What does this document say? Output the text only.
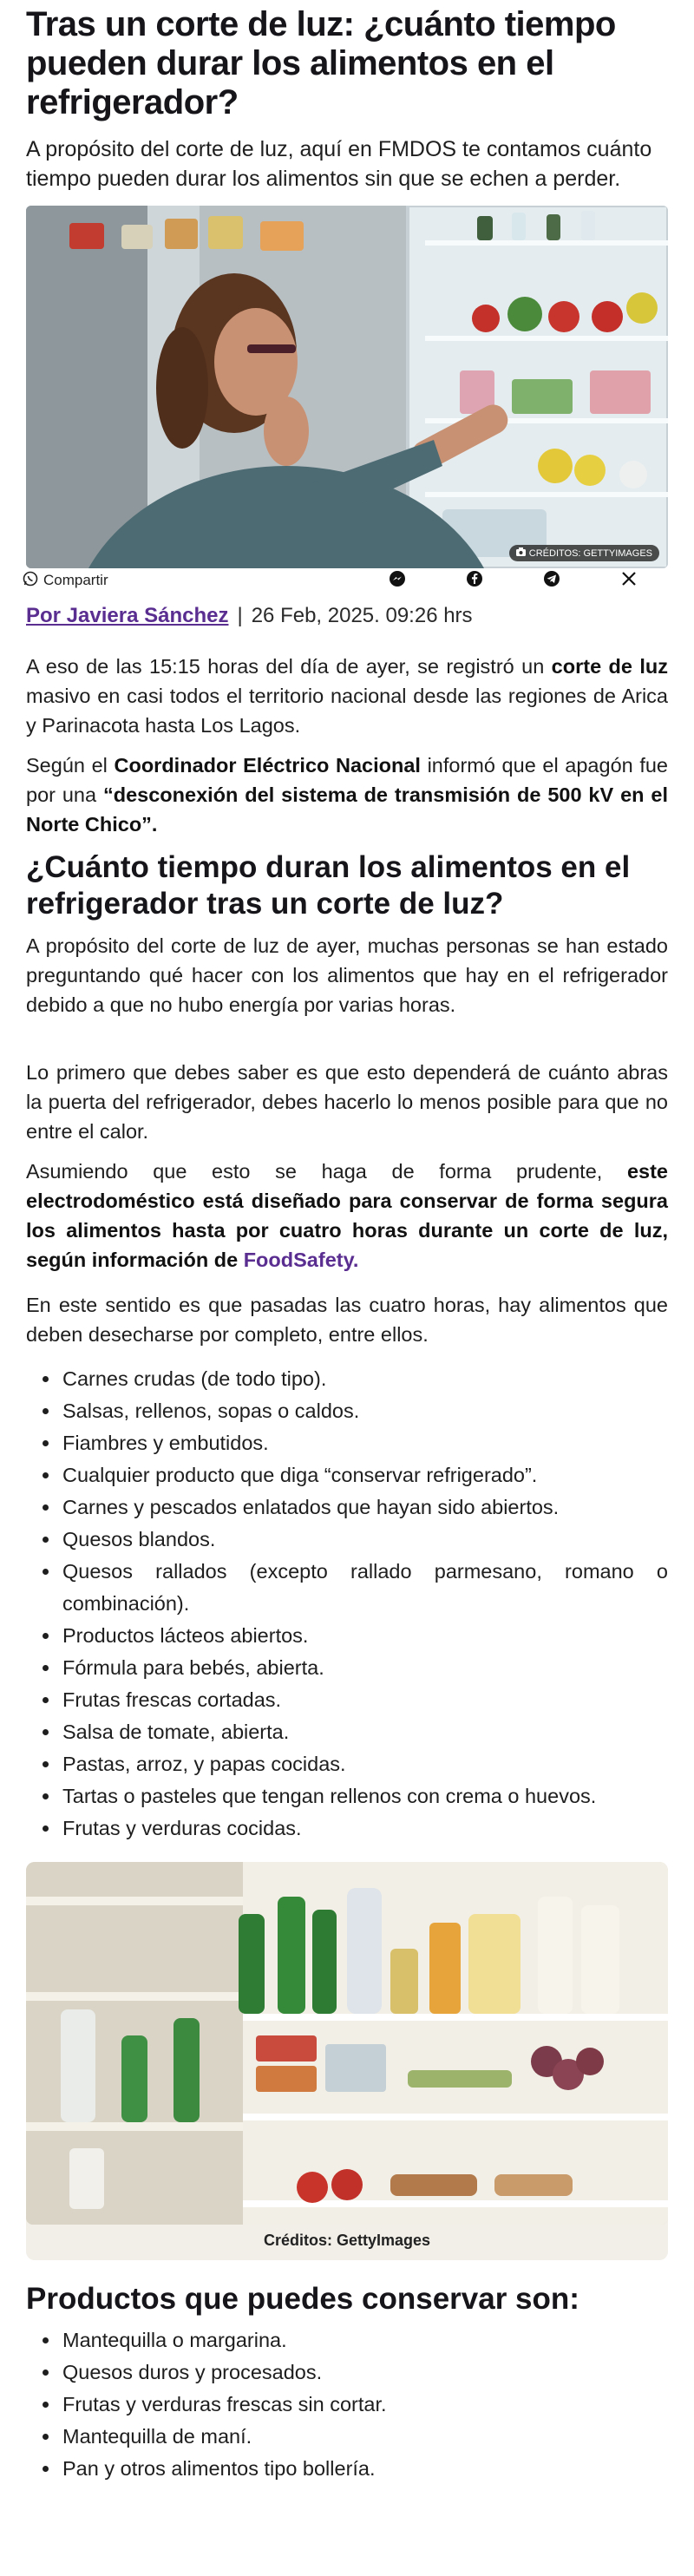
Tras un corte de luz: ¿cuánto tiempo pueden durar los alimentos en el refrigerador?

A propósito del corte de luz, aquí en FMDOS te contamos cuánto tiempo pueden durar los alimentos sin que se echen a perder.

CRÉDITOS: GETTYIMAGES
Compartir
Por Javiera Sánchez | 26 Feb, 2025. 09:26 hrs

A eso de las 15:15 horas del día de ayer, se registró un corte de luz masivo en casi todos el territorio nacional desde las regiones de Arica y Parinacota hasta Los Lagos.

Según el Coordinador Eléctrico Nacional informó que el apagón fue por una “desconexión del sistema de transmisión de 500 kV en el Norte Chico”.

¿Cuánto tiempo duran los alimentos en el refrigerador tras un corte de luz?

A propósito del corte de luz de ayer, muchas personas se han estado preguntando qué hacer con los alimentos que hay en el refrigerador debido a que no hubo energía por varias horas.

Lo primero que debes saber es que esto dependerá de cuánto abras la puerta del refrigerador, debes hacerlo lo menos posible para que no entre el calor.

Asumiendo que esto se haga de forma prudente, este electrodoméstico está diseñado para conservar de forma segura los alimentos hasta por cuatro horas durante un corte de luz, según información de FoodSafety.

En este sentido es que pasadas las cuatro horas, hay alimentos que deben desecharse por completo, entre ellos.

• Carnes crudas (de todo tipo).
• Salsas, rellenos, sopas o caldos.
• Fiambres y embutidos.
• Cualquier producto que diga “conservar refrigerado”.
• Carnes y pescados enlatados que hayan sido abiertos.
• Quesos blandos.
• Quesos rallados (excepto rallado parmesano, romano o combinación).
• Productos lácteos abiertos.
• Fórmula para bebés, abierta.
• Frutas frescas cortadas.
• Salsa de tomate, abierta.
• Pastas, arroz, y papas cocidas.
• Tartas o pasteles que tengan rellenos con crema o huevos.
• Frutas y verduras cocidas.
Créditos: GettyImages
Productos que puedes conservar son:
• Mantequilla o margarina.
• Quesos duros y procesados.
• Frutas y verduras frescas sin cortar.
• Mantequilla de maní.
• Pan y otros alimentos tipo bollería.
